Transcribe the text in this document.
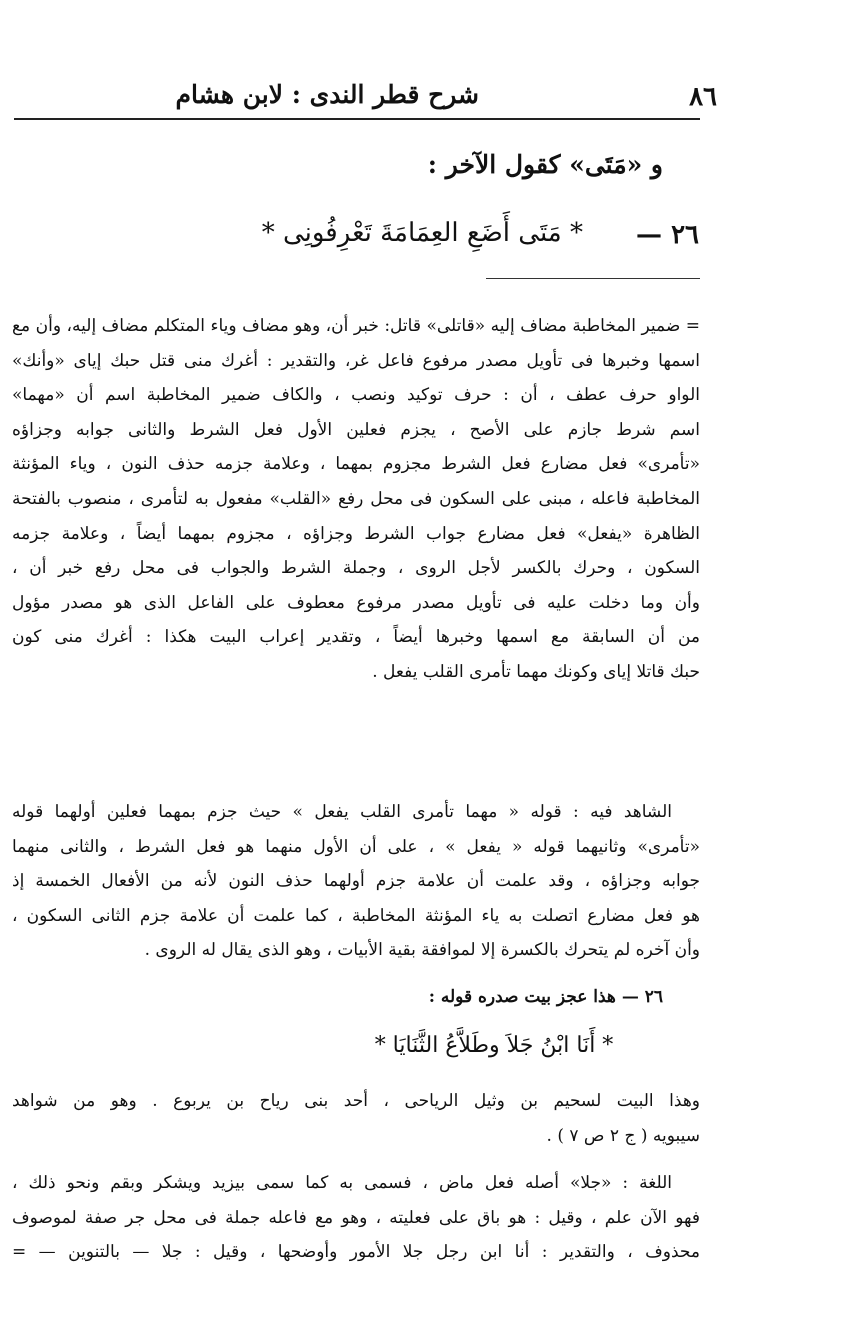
٨٦
شرح قطر الندى : لابن هشام
و «مَتَى» كقول الآخر :
٢٦ —
* مَتَى أَضَعِ العِمَامَةَ تَعْرِفُونِى *
= ضمير المخاطبة مضاف إليه «قاتلى» قاتل: خبر أن، وهو مضاف وياء المتكلم مضاف إليه، وأن مع
اسمها وخبرها فى تأويل مصدر مرفوع فاعل غر، والتقدير : أغرك منى قتل حبك إياى «وأنك»
الواو حرف عطف ، أن : حرف توكيد ونصب ، والكاف ضمير المخاطبة اسم أن «مهما»
اسم شرط جازم على الأصح ، يجزم فعلين الأول فعل الشرط والثانى جوابه وجزاؤه
«تأمرى» فعل مضارع فعل الشرط مجزوم بمهما ، وعلامة جزمه حذف النون ، وياء المؤنثة
المخاطبة فاعله ، مبنى على السكون فى محل رفع «القلب» مفعول به لتأمرى ، منصوب بالفتحة
الظاهرة «يفعل» فعل مضارع جواب الشرط وجزاؤه ، مجزوم بمهما أيضاً ، وعلامة جزمه
السكون ، وحرك بالكسر لأجل الروى ، وجملة الشرط والجواب فى محل رفع خبر أن ،
وأن وما دخلت عليه فى تأويل مصدر مرفوع معطوف على الفاعل الذى هو مصدر مؤول
من أن السابقة مع اسمها وخبرها أيضاً ، وتقدير إعراب البيت هكذا : أغرك منى كون
حبك قاتلا إياى وكونك مهما تأمرى القلب يفعل .
الشاهد فيه : قوله « مهما تأمرى القلب يفعل » حيث جزم بمهما فعلين أولهما قوله
«تأمرى» وثانيهما قوله « يفعل » ، على أن الأول منهما هو فعل الشرط ، والثانى منهما
جوابه وجزاؤه ، وقد علمت أن علامة جزم أولهما حذف النون لأنه من الأفعال الخمسة إذ
هو فعل مضارع اتصلت به ياء المؤنثة المخاطبة ، كما علمت أن علامة جزم الثانى السكون ،
وأن آخره لم يتحرك بالكسرة إلا لموافقة بقية الأبيات ، وهو الذى يقال له الروى .
٢٦ — هذا عجز بيت صدره قوله :
* أَنَا ابْنُ جَلاَ وطَلاَّعُ الثَّنَايَا *
وهذا البيت لسحيم بن وثيل الرياحى ، أحد بنى رياح بن يربوع . وهو من شواهد
سيبويه ( ج ٢ ص ٧ ) .
اللغة : «جلا» أصله فعل ماض ، فسمى به كما سمى بيزيد ويشكر وبقم ونحو ذلك ،
فهو الآن علم ، وقيل : هو باق على فعليته ، وهو مع فاعله جملة فى محل جر صفة لموصوف
محذوف ، والتقدير : أنا ابن رجل جلا الأمور وأوضحها ، وقيل : جلا — بالتنوين — =
